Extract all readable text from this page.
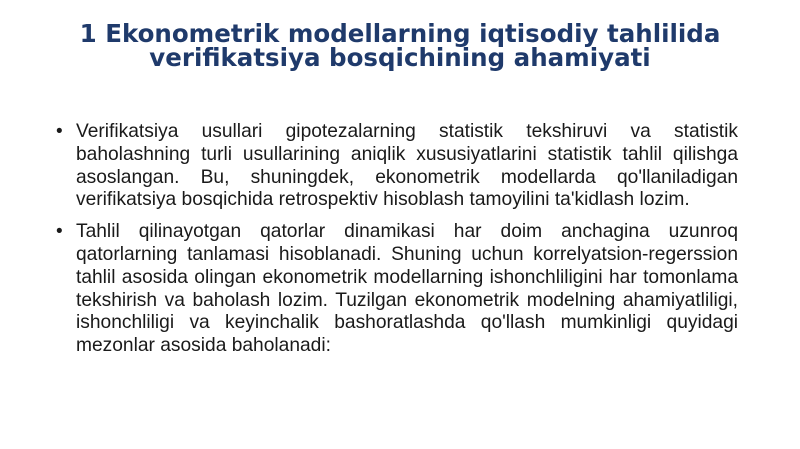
1 Ekonometrik modellarning iqtisodiy tahlilida
verifikatsiya bosqichining ahamiyati
• Verifikatsiya usullari gipotezalarning statistik tekshiruvi va statistik baholashning turli usullarining aniqlik xususiyatlarini statistik tahlil qilishga asoslangan. Bu, shuningdek, ekonometrik modellarda qo'llaniladigan verifikatsiya bosqichida retrospektiv hisoblash tamoyilini ta'kidlash lozim.
• Tahlil qilinayotgan qatorlar dinamikasi har doim anchagina uzunroq qatorlarning tanlamasi hisoblanadi. Shuning uchun korrelyatsion-regerssion tahlil asosida olingan ekonometrik modellarning ishonchliligini har tomonlama tekshirish va baholash lozim. Tuzilgan ekonometrik modelning ahamiyatliligi, ishonchliligi va keyinchalik bashoratlashda qo'llash mumkinligi quyidagi mezonlar asosida baholanadi:
